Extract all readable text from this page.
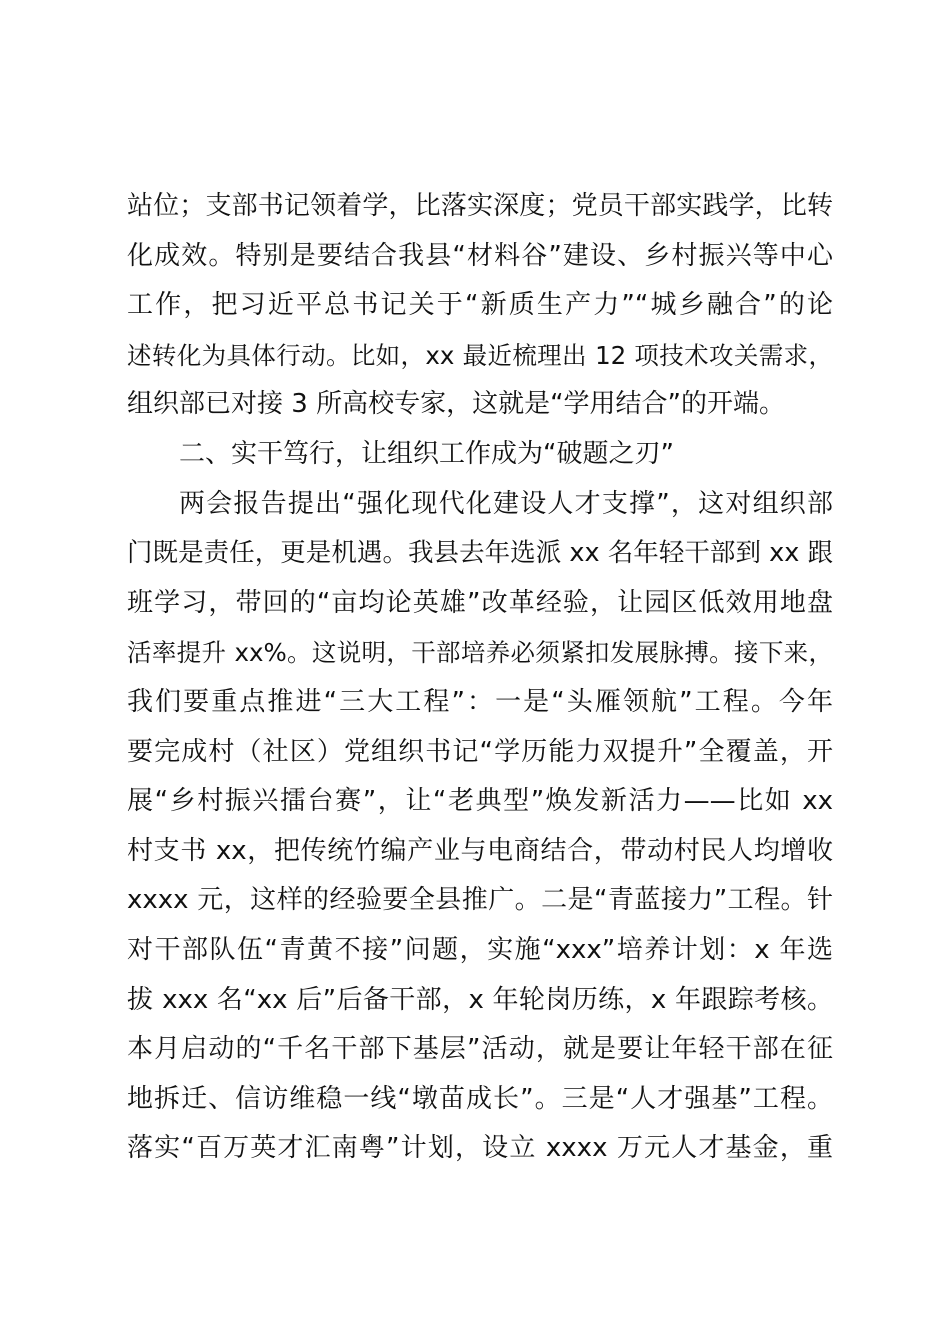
站位；支部书记领着学，比落实深度；党员干部实践学，比转
化成效。特别是要结合我县“材料谷”建设、乡村振兴等中心
工作，把习近平总书记关于“新质生产力”“城乡融合”的论
述转化为具体行动。比如，xx 最近梳理出 12 项技术攻关需求，
组织部已对接 3 所高校专家，这就是“学用结合”的开端。
二、实干笃行，让组织工作成为“破题之刃”
两会报告提出“强化现代化建设人才支撑”，这对组织部
门既是责任，更是机遇。我县去年选派 xx 名年轻干部到 xx 跟
班学习，带回的“亩均论英雄”改革经验，让园区低效用地盘
活率提升 xx%。这说明，干部培养必须紧扣发展脉搏。接下来，
我们要重点推进“三大工程”：一是“头雁领航”工程。今年
要完成村（社区）党组织书记“学历能力双提升”全覆盖，开
展“乡村振兴擂台赛”，让“老典型”焕发新活力——比如 xx
村支书 xx，把传统竹编产业与电商结合，带动村民人均增收
xxxx 元，这样的经验要全县推广。二是“青蓝接力”工程。针
对干部队伍“青黄不接”问题，实施“xxx”培养计划：x 年选
拔 xxx 名“xx 后”后备干部，x 年轮岗历练，x 年跟踪考核。
本月启动的“千名干部下基层”活动，就是要让年轻干部在征
地拆迁、信访维稳一线“墩苗成长”。三是“人才强基”工程。
落实“百万英才汇南粤”计划，设立 xxxx 万元人才基金，重
